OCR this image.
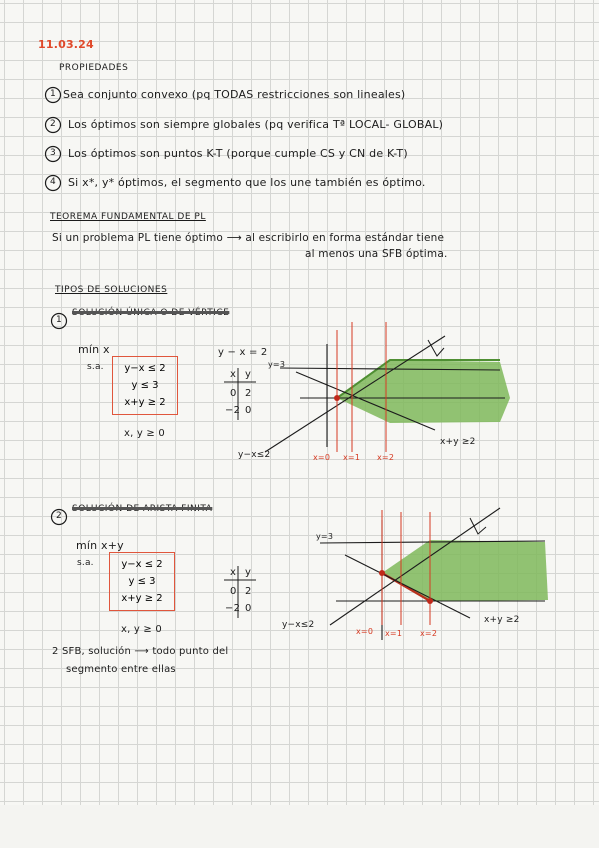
11.03.24
PROPIEDADES
1 Sea conjunto convexo (pq TODAS restricciones son lineales)
2 Los óptimos son siempre globales (pq verifica Tª LOCAL- GLOBAL)
3 Los óptimos son puntos K-T (porque cumple CS y CN de K-T)
4 Si x*, y* óptimos, el segmento que los une también es óptimo.
TEOREMA FUNDAMENTAL DE PL
Si un problema PL tiene óptimo ⟶ al escribirlo en forma estándar tiene
al menos una SFB óptima.
TIPOS DE SOLUCIONES
1
SOLUCIÓN ÚNICA O DE VÉRTICE
mín x
s.a.	y−x ≤ 2
y ≤ 3
x+y ≥ 2
x, y ≥ 0
y − x = 2
x y
0 2
−2 0
y=3
y−x≤2
x+y ≥2
x=0 x=1 x=2
2
SOLUCIÓN DE ARISTA FINITA
mín x+y
s.a.	y−x ≤ 2
y ≤ 3
x+y ≥ 2
x, y ≥ 0
x y
0 2
−2 0
y=3
y−x≤2	x+y ≥2
x=0 x=1 x=2
2 SFB, solución ⟶ todo punto del
segmento entre ellas
